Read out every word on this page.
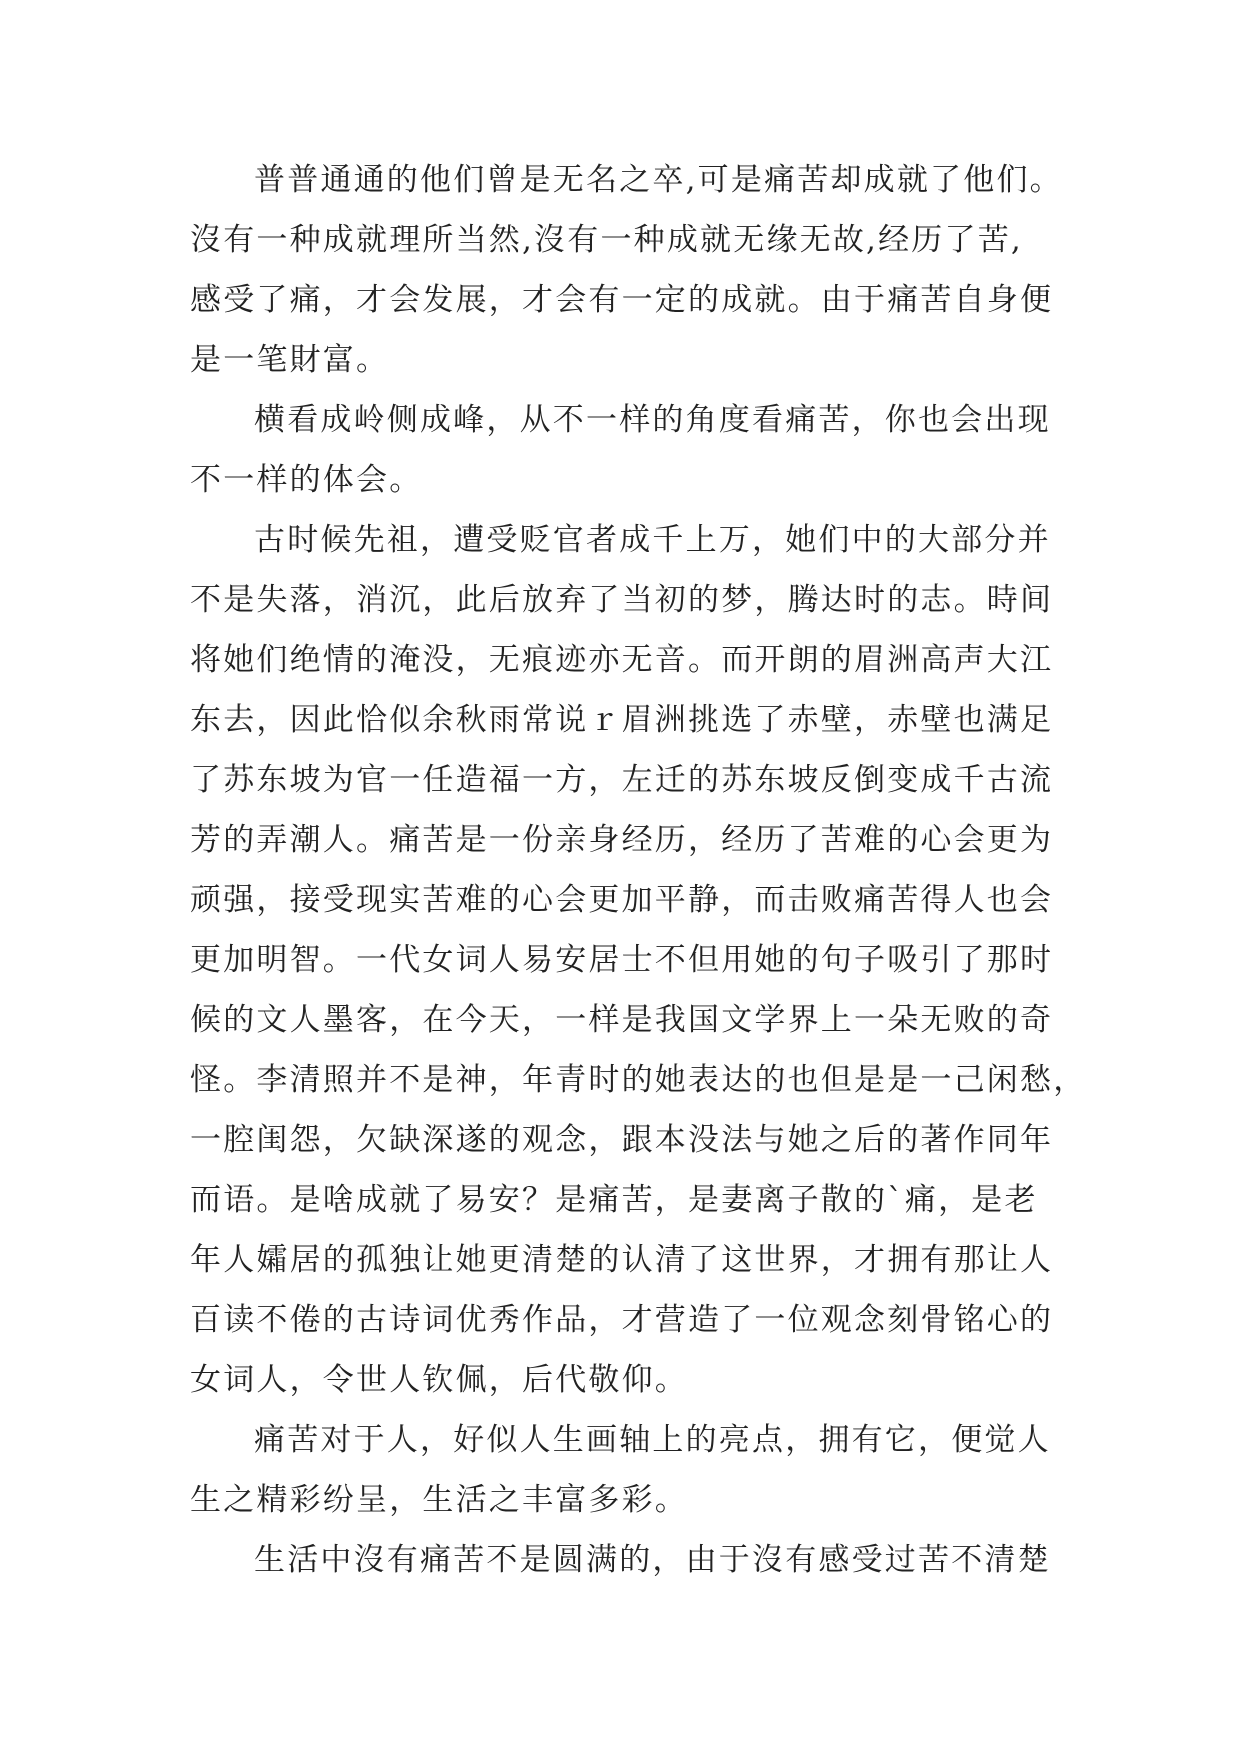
普普通通的他们曾是无名之卒,可是痛苦却成就了他们。
沒有一种成就理所当然,沒有一种成就无缘无故,经历了苦,
感受了痛，才会发展，才会有一定的成就。由于痛苦自身便
是一笔財富。
横看成岭侧成峰，从不一样的角度看痛苦，你也会出现
不一样的体会。
古时候先祖，遭受贬官者成千上万，她们中的大部分并
不是失落，消沉，此后放弃了当初的梦，腾达时的志。時间
将她们绝情的淹没，无痕迹亦无音。而开朗的眉洲高声大江
东去，因此恰似余秋雨常说ｒ眉洲挑选了赤壁，赤壁也满足
了苏东坡为官一任造福一方，左迁的苏东坡反倒变成千古流
芳的弄潮人。痛苦是一份亲身经历，经历了苦难的心会更为
顽强，接受现实苦难的心会更加平静，而击败痛苦得人也会
更加明智。一代女词人易安居士不但用她的句子吸引了那时
候的文人墨客，在今天，一样是我国文学界上一朵无败的奇
怪。李清照并不是神，年青时的她表达的也但是是一己闲愁，
一腔闺怨，欠缺深遂的观念，跟本没法与她之后的著作同年
而语。是啥成就了易安？是痛苦，是妻离子散的`痛，是老
年人孀居的孤独让她更清楚的认清了这世界，才拥有那让人
百读不倦的古诗词优秀作品，才营造了一位观念刻骨铭心的
女词人，令世人钦佩，后代敬仰。
痛苦对于人，好似人生画轴上的亮点，拥有它，便觉人
生之精彩纷呈，生活之丰富多彩。
生活中沒有痛苦不是圆满的，由于沒有感受过苦不清楚
